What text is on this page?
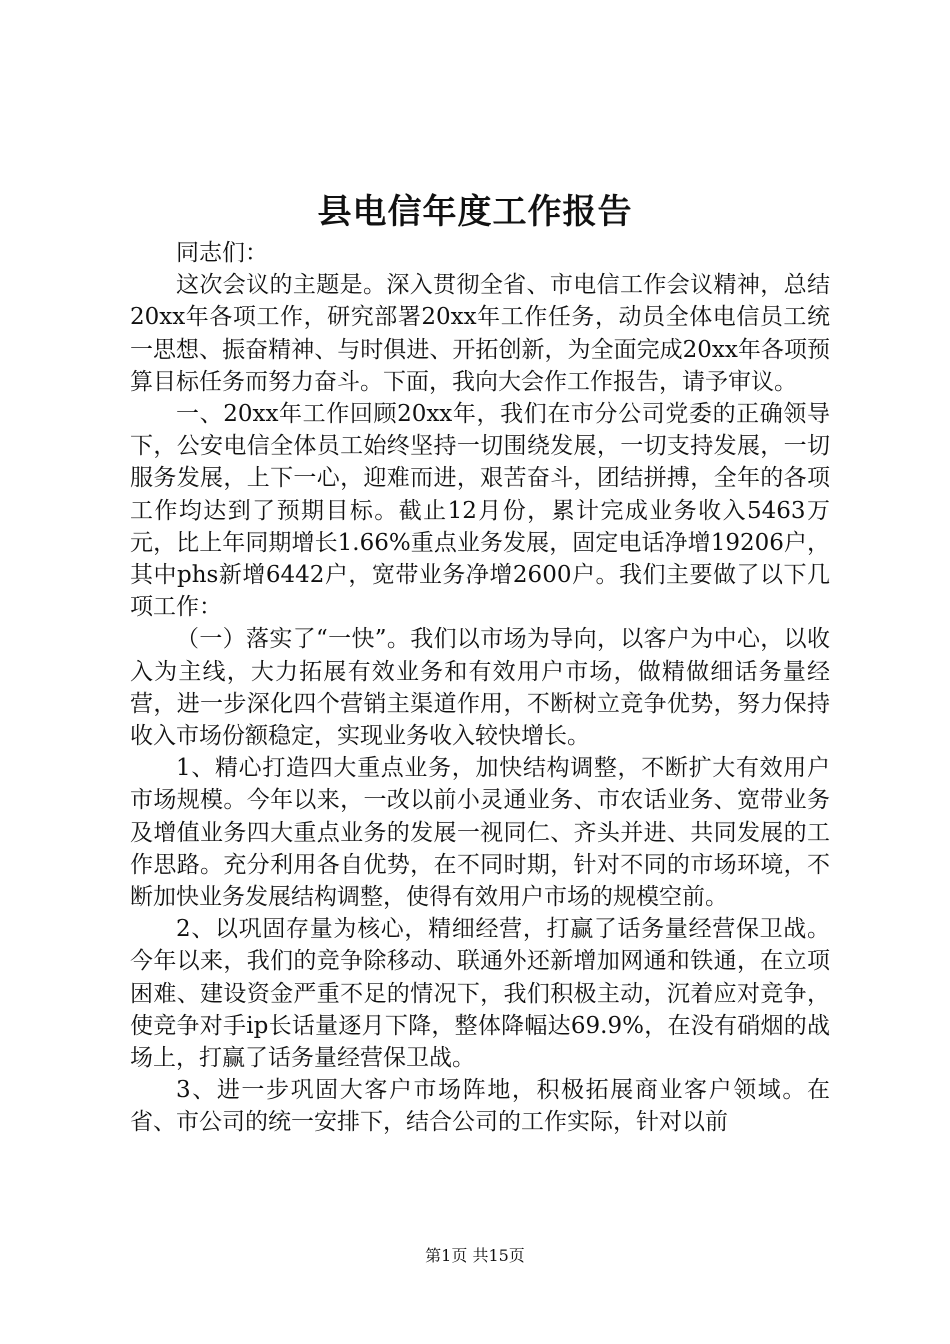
县电信年度工作报告

同志们：

这次会议的主题是。深入贯彻全省、市电信工作会议精神，总结20xx年各项工作，研究部署20xx年工作任务，动员全体电信员工统一思想、振奋精神、与时俱进、开拓创新，为全面完成20xx年各项预算目标任务而努力奋斗。下面，我向大会作工作报告，请予审议。

一、20xx年工作回顾20xx年，我们在市分公司党委的正确领导下，公安电信全体员工始终坚持一切围绕发展，一切支持发展，一切服务发展，上下一心，迎难而进，艰苦奋斗，团结拼搏，全年的各项工作均达到了预期目标。截止12月份，累计完成业务收入5463万元，比上年同期增长1.66%重点业务发展，固定电话净增19206户，其中phs新增6442户，宽带业务净增2600户。我们主要做了以下几项工作：

（一）落实了“一快”。我们以市场为导向，以客户为中心，以收入为主线，大力拓展有效业务和有效用户市场，做精做细话务量经营，进一步深化四个营销主渠道作用，不断树立竞争优势，努力保持收入市场份额稳定，实现业务收入较快增长。

1、精心打造四大重点业务，加快结构调整，不断扩大有效用户市场规模。今年以来，一改以前小灵通业务、市农话业务、宽带业务及增值业务四大重点业务的发展一视同仁、齐头并进、共同发展的工作思路。充分利用各自优势，在不同时期，针对不同的市场环境，不断加快业务发展结构调整，使得有效用户市场的规模空前。

2、以巩固存量为核心，精细经营，打赢了话务量经营保卫战。今年以来，我们的竞争除移动、联通外还新增加网通和铁通，在立项困难、建设资金严重不足的情况下，我们积极主动，沉着应对竞争，使竞争对手ip长话量逐月下降，整体降幅达69.9%，在没有硝烟的战场上，打赢了话务量经营保卫战。

3、进一步巩固大客户市场阵地，积极拓展商业客户领域。在省、市公司的统一安排下，结合公司的工作实际，针对以前

第1页 共15页
